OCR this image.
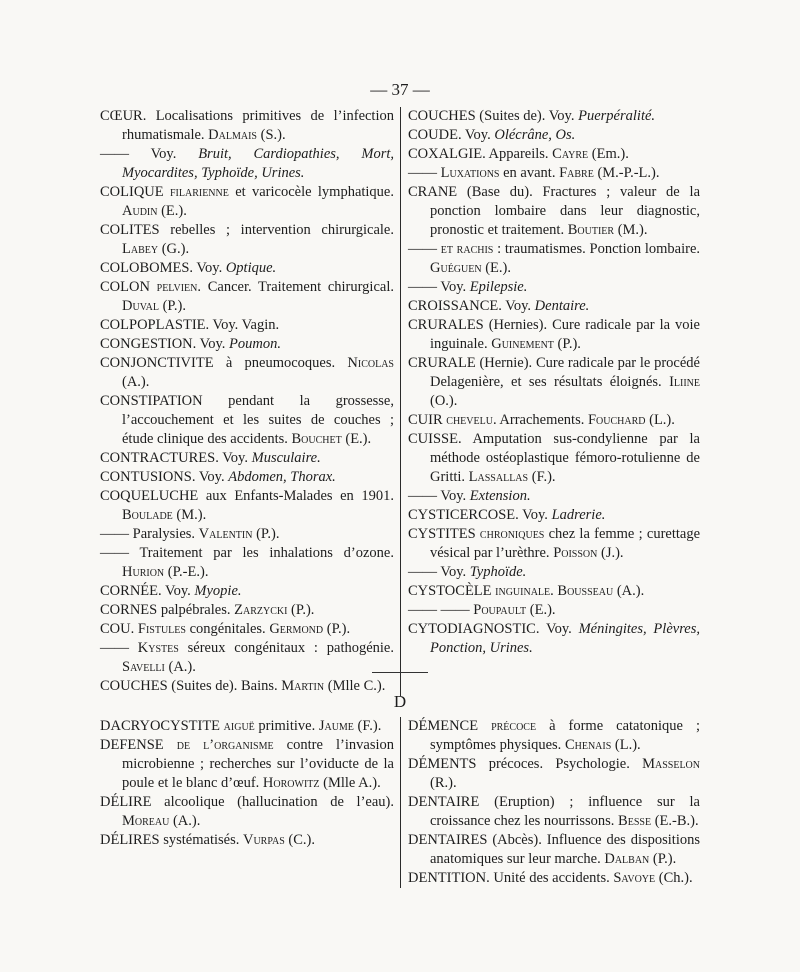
— 37 —

CŒUR. Localisations primitives de l’infection rhumatismale. Dalmais (S.).

—— Voy. Bruit, Cardiopathies, Mort, Myocardites, Typhoïde, Urines.

COLIQUE filarienne et varicocèle lymphatique. Audin (E.).

COLITES rebelles ; intervention chirurgicale. Labey (G.).

COLOBOMES. Voy. Optique.

COLON pelvien. Cancer. Traitement chirurgical. Duval (P.).

COLPOPLASTIE. Voy. Vagin.

CONGESTION. Voy. Poumon.

CONJONCTIVITE à pneumocoques. Nicolas (A.).

CONSTIPATION pendant la grossesse, l’accouchement et les suites de couches ; étude clinique des accidents. Bouchet (E.).

CONTRACTURES. Voy. Musculaire.

CONTUSIONS. Voy. Abdomen, Thorax.

COQUELUCHE aux Enfants-Malades en 1901. Boulade (M.).

—— Paralysies. Valentin (P.).

—— Traitement par les inhalations d’ozone. Hurion (P.-E.).

CORNÉE. Voy. Myopie.

CORNES palpébrales. Zarzycki (P.).

COU. Fistules congénitales. Germond (P.).

—— Kystes séreux congénitaux : pathogénie. Savelli (A.).

COUCHES (Suites de). Bains. Martin (Mlle C.).

COUCHES (Suites de). Voy. Puerpéralité.

COUDE. Voy. Olécrâne, Os.

COXALGIE. Appareils. Cayre (Em.).

—— Luxations en avant. Fabre (M.-P.-L.).

CRANE (Base du). Fractures ; valeur de la ponction lombaire dans leur diagnostic, pronostic et traitement. Boutier (M.).

—— et rachis : traumatismes. Ponction lombaire. Guéguen (E.).

—— Voy. Epilepsie.

CROISSANCE. Voy. Dentaire.

CRURALES (Hernies). Cure radicale par la voie inguinale. Guinement (P.).

CRURALE (Hernie). Cure radicale par le procédé Delagenière, et ses résultats éloignés. Iliine (O.).

CUIR chevelu. Arrachements. Fouchard (L.).

CUISSE. Amputation sus-condylienne par la méthode ostéoplastique fémoro-rotulienne de Gritti. Lassallas (F.).

—— Voy. Extension.

CYSTICERCOSE. Voy. Ladrerie.

CYSTITES chroniques chez la femme ; curettage vésical par l’urèthre. Poisson (J.).

—— Voy. Typhoïde.

CYSTOCÈLE inguinale. Bousseau (A.).

—— —— Poupault (E.).

CYTODIAGNOSTIC. Voy. Méningites, Plèvres, Ponction, Urines.

D

DACRYOCYSTITE aiguë primitive. Jaume (F.).

DEFENSE de l’organisme contre l’invasion microbienne ; recherches sur l’oviducte de la poule et le blanc d’œuf. Horowitz (Mlle A.).

DÉLIRE alcoolique (hallucination de l’eau). Moreau (A.).

DÉLIRES systématisés. Vurpas (C.).

DÉMENCE précoce à forme catatonique ; symptômes physiques. Chenais (L.).

DÉMENTS précoces. Psychologie. Masselon (R.).

DENTAIRE (Eruption) ; influence sur la croissance chez les nourrissons. Besse (E.-B.).

DENTAIRES (Abcès). Influence des dispositions anatomiques sur leur marche. Dalban (P.).

DENTITION. Unité des accidents. Savoye (Ch.).
